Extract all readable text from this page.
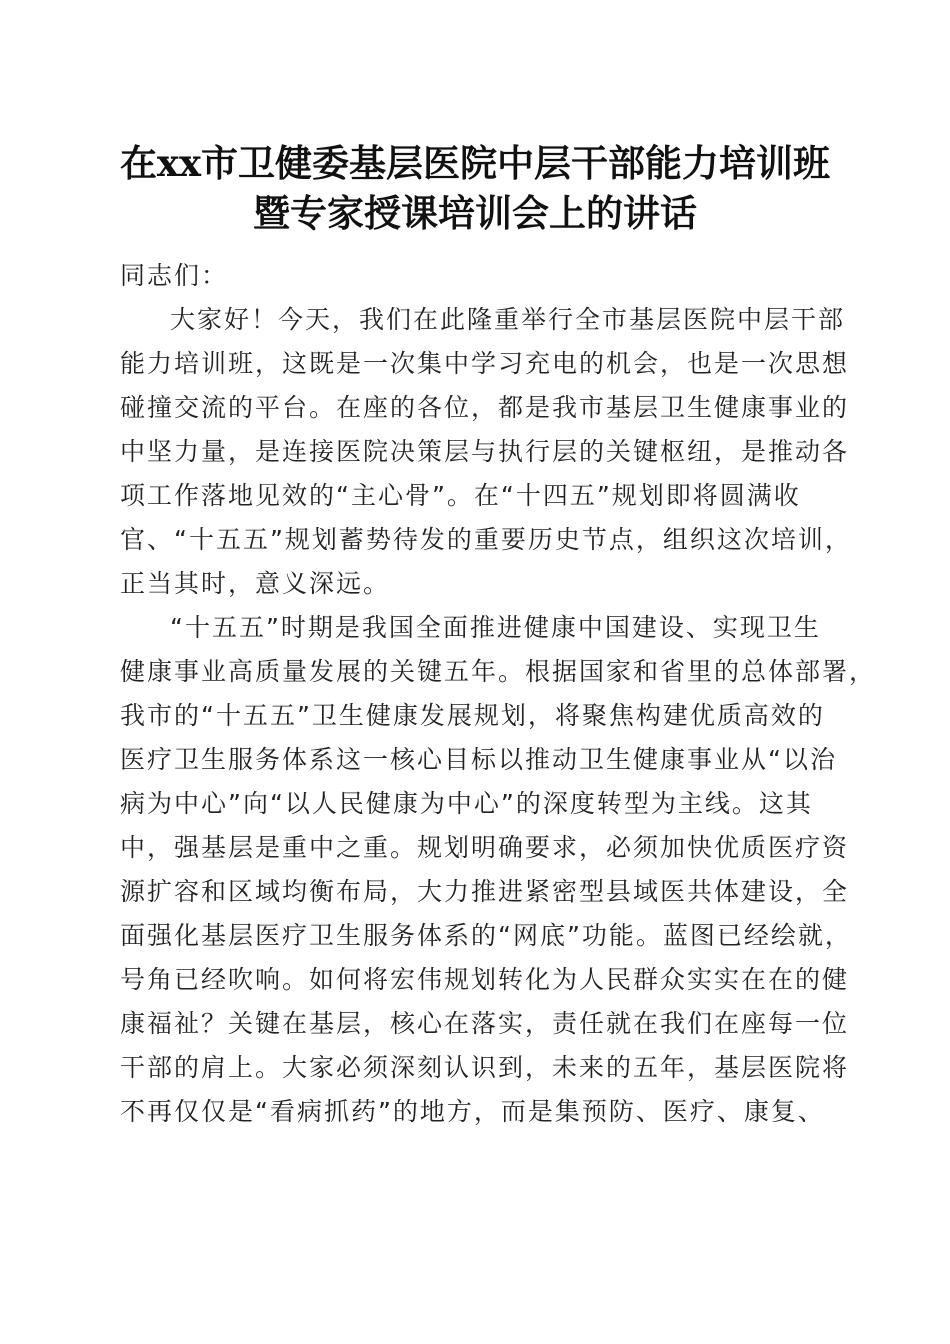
在xx市卫健委基层医院中层干部能力培训班
暨专家授课培训会上的讲话
同志们：
大家好！今天，我们在此隆重举行全市基层医院中层干部
能力培训班，这既是一次集中学习充电的机会，也是一次思想
碰撞交流的平台。在座的各位，都是我市基层卫生健康事业的
中坚力量，是连接医院决策层与执行层的关键枢纽，是推动各
项工作落地见效的“主心骨”。在“十四五”规划即将圆满收
官、“十五五”规划蓄势待发的重要历史节点，组织这次培训，
正当其时，意义深远。
“十五五”时期是我国全面推进健康中国建设、实现卫生
健康事业高质量发展的关键五年。根据国家和省里的总体部署，
我市的“十五五”卫生健康发展规划，将聚焦构建优质高效的
医疗卫生服务体系这一核心目标以推动卫生健康事业从“以治
病为中心”向“以人民健康为中心”的深度转型为主线。这其
中，强基层是重中之重。规划明确要求，必须加快优质医疗资
源扩容和区域均衡布局，大力推进紧密型县域医共体建设，全
面强化基层医疗卫生服务体系的“网底”功能。蓝图已经绘就，
号角已经吹响。如何将宏伟规划转化为人民群众实实在在的健
康福祉？关键在基层，核心在落实，责任就在我们在座每一位
干部的肩上。大家必须深刻认识到，未来的五年，基层医院将
不再仅仅是“看病抓药”的地方，而是集预防、医疗、康复、
